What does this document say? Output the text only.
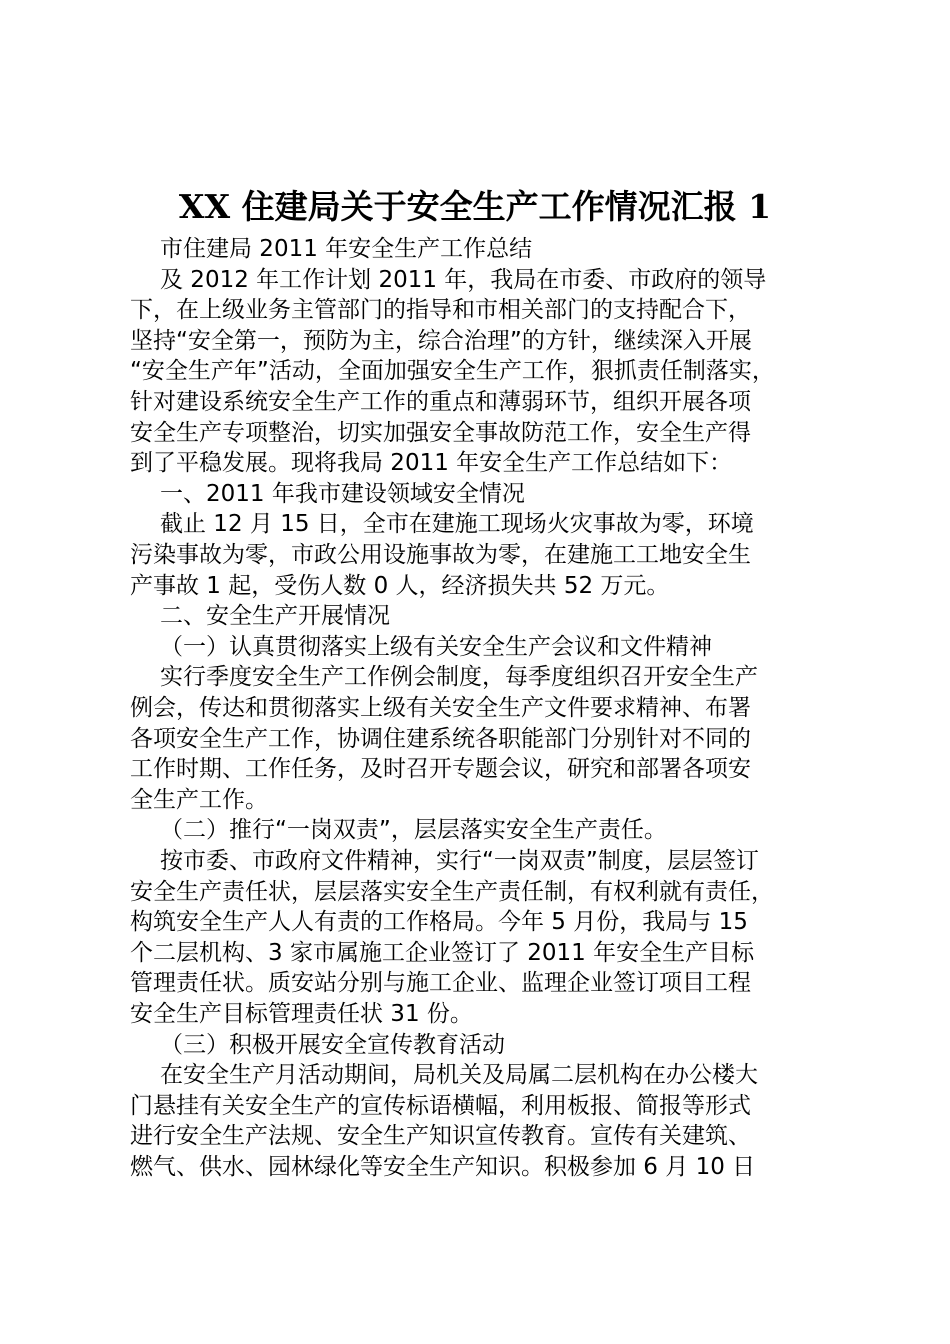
XX 住建局关于安全生产工作情况汇报 1
市住建局 2011 年安全生产工作总结
及 2012 年工作计划 2011 年，我局在市委、市政府的领导
下，在上级业务主管部门的指导和市相关部门的支持配合下，
坚持“安全第一，预防为主，综合治理”的方针，继续深入开展
“安全生产年”活动，全面加强安全生产工作，狠抓责任制落实，
针对建设系统安全生产工作的重点和薄弱环节，组织开展各项
安全生产专项整治，切实加强安全事故防范工作，安全生产得
到了平稳发展。现将我局 2011 年安全生产工作总结如下：
一、2011 年我市建设领域安全情况
截止 12 月 15 日，全市在建施工现场火灾事故为零，环境
污染事故为零，市政公用设施事故为零，在建施工工地安全生
产事故 1 起，受伤人数 0 人，经济损失共 52 万元。
二、安全生产开展情况
（一）认真贯彻落实上级有关安全生产会议和文件精神
实行季度安全生产工作例会制度，每季度组织召开安全生产
例会，传达和贯彻落实上级有关安全生产文件要求精神、布署
各项安全生产工作，协调住建系统各职能部门分别针对不同的
工作时期、工作任务，及时召开专题会议，研究和部署各项安
全生产工作。
（二）推行“一岗双责”，层层落实安全生产责任。
按市委、市政府文件精神，实行“一岗双责”制度，层层签订
安全生产责任状，层层落实安全生产责任制，有权利就有责任，
构筑安全生产人人有责的工作格局。今年 5 月份，我局与 15
个二层机构、3 家市属施工企业签订了 2011 年安全生产目标
管理责任状。质安站分别与施工企业、监理企业签订项目工程
安全生产目标管理责任状 31 份。
（三）积极开展安全宣传教育活动
在安全生产月活动期间，局机关及局属二层机构在办公楼大
门悬挂有关安全生产的宣传标语横幅，利用板报、简报等形式
进行安全生产法规、安全生产知识宣传教育。宣传有关建筑、
燃气、供水、园林绿化等安全生产知识。积极参加 6 月 10 日
